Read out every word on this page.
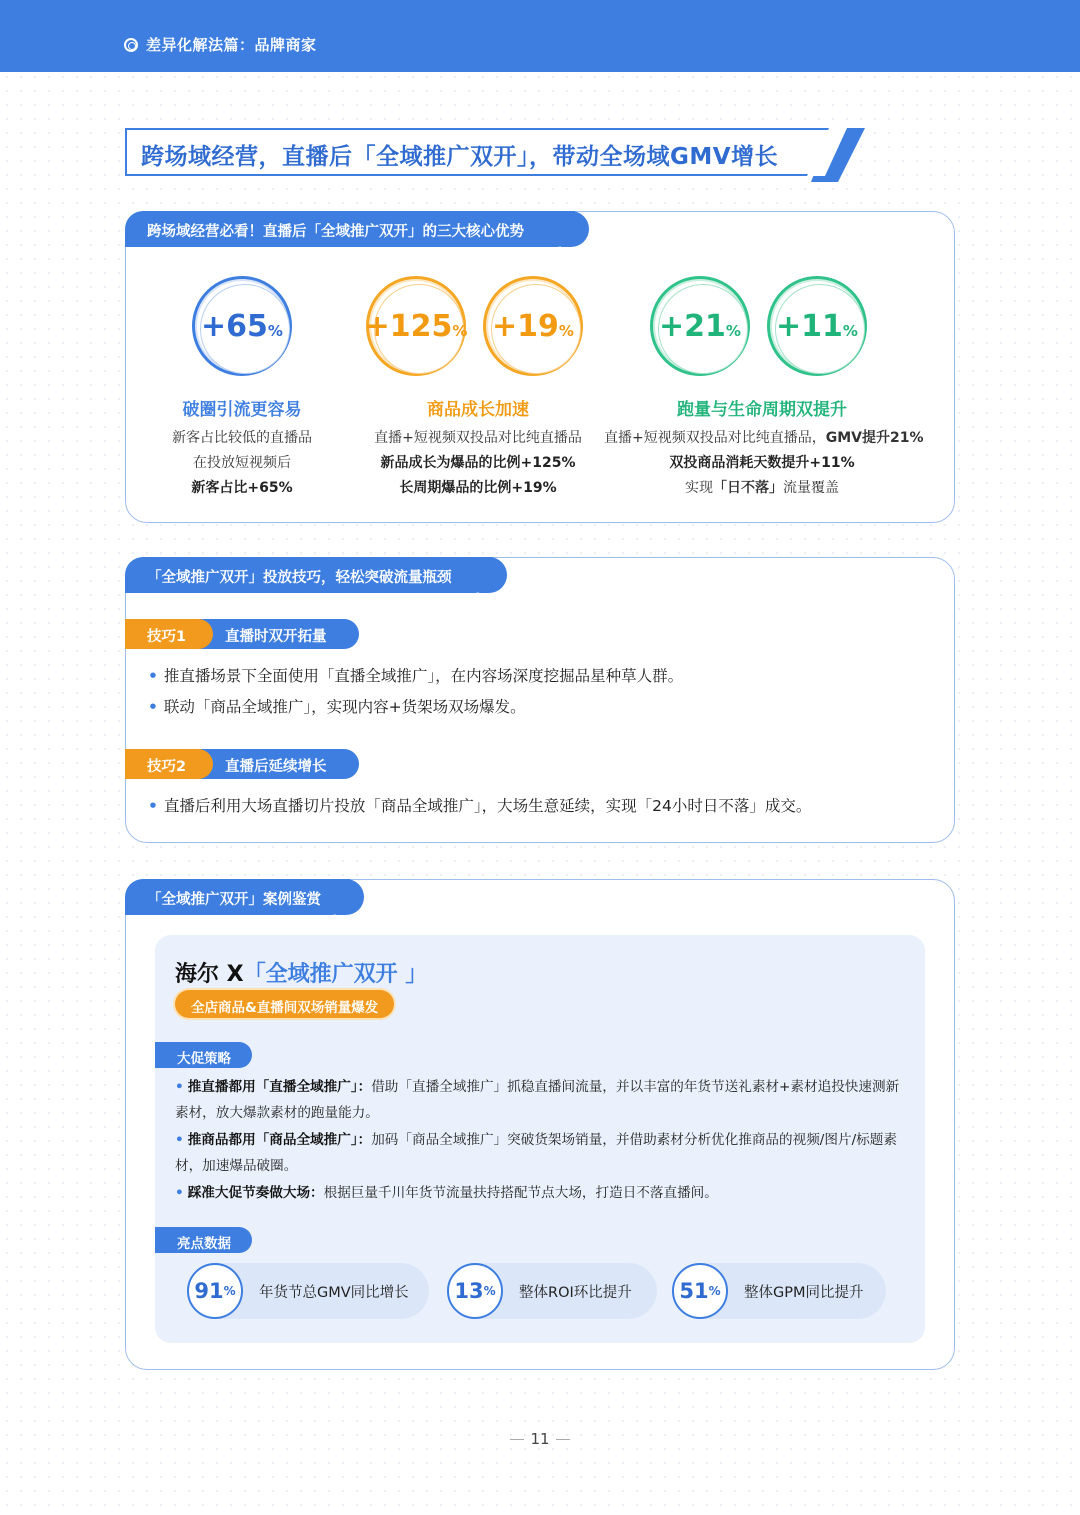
差异化解法篇：品牌商家
跨场域经营，直播后「全域推广双开」，带动全场域GMV增长
跨场域经营必看！直播后「全域推广双开」的三大核心优势
+65%	+125% +19%	+21% +11%
破圈引流更容易
新客占比较低的直播品
在投放短视频后
新客占比+65%
商品成长加速
直播+短视频双投品对比纯直播品
新品成长为爆品的比例+125%
长周期爆品的比例+19%
跑量与生命周期双提升
直播+短视频双投品对比纯直播品，GMV提升21%
双投商品消耗天数提升+11%
实现「日不落」流量覆盖
「全域推广双开」投放技巧，轻松突破流量瓶颈
技巧1	直播时双开拓量
• 推直播场景下全面使用「直播全域推广」，在内容场深度挖掘品星种草人群。
• 联动「商品全域推广」，实现内容+货架场双场爆发。
技巧2	直播后延续增长
• 直播后利用大场直播切片投放「商品全域推广」，大场生意延续，实现「24小时日不落」成交。
「全域推广双开」案例鉴赏
海尔 X「全域推广双开 」
全店商品&直播间双场销量爆发
大促策略
• 推直播都用「直播全域推广」：借助「直播全域推广」抓稳直播间流量，并以丰富的年货节送礼素材+素材追投快速测新素材，放大爆款素材的跑量能力。
• 推商品都用「商品全域推广」：加码「商品全域推广」突破货架场销量，并借助素材分析优化推商品的视频/图片/标题素材，加速爆品破圈。
• 踩准大促节奏做大场：根据巨量千川年货节流量扶持搭配节点大场，打造日不落直播间。
亮点数据
91 % 年货节总GMV同比增长 13 % 整体ROI环比提升 51 % 整体GPM同比提升
11
